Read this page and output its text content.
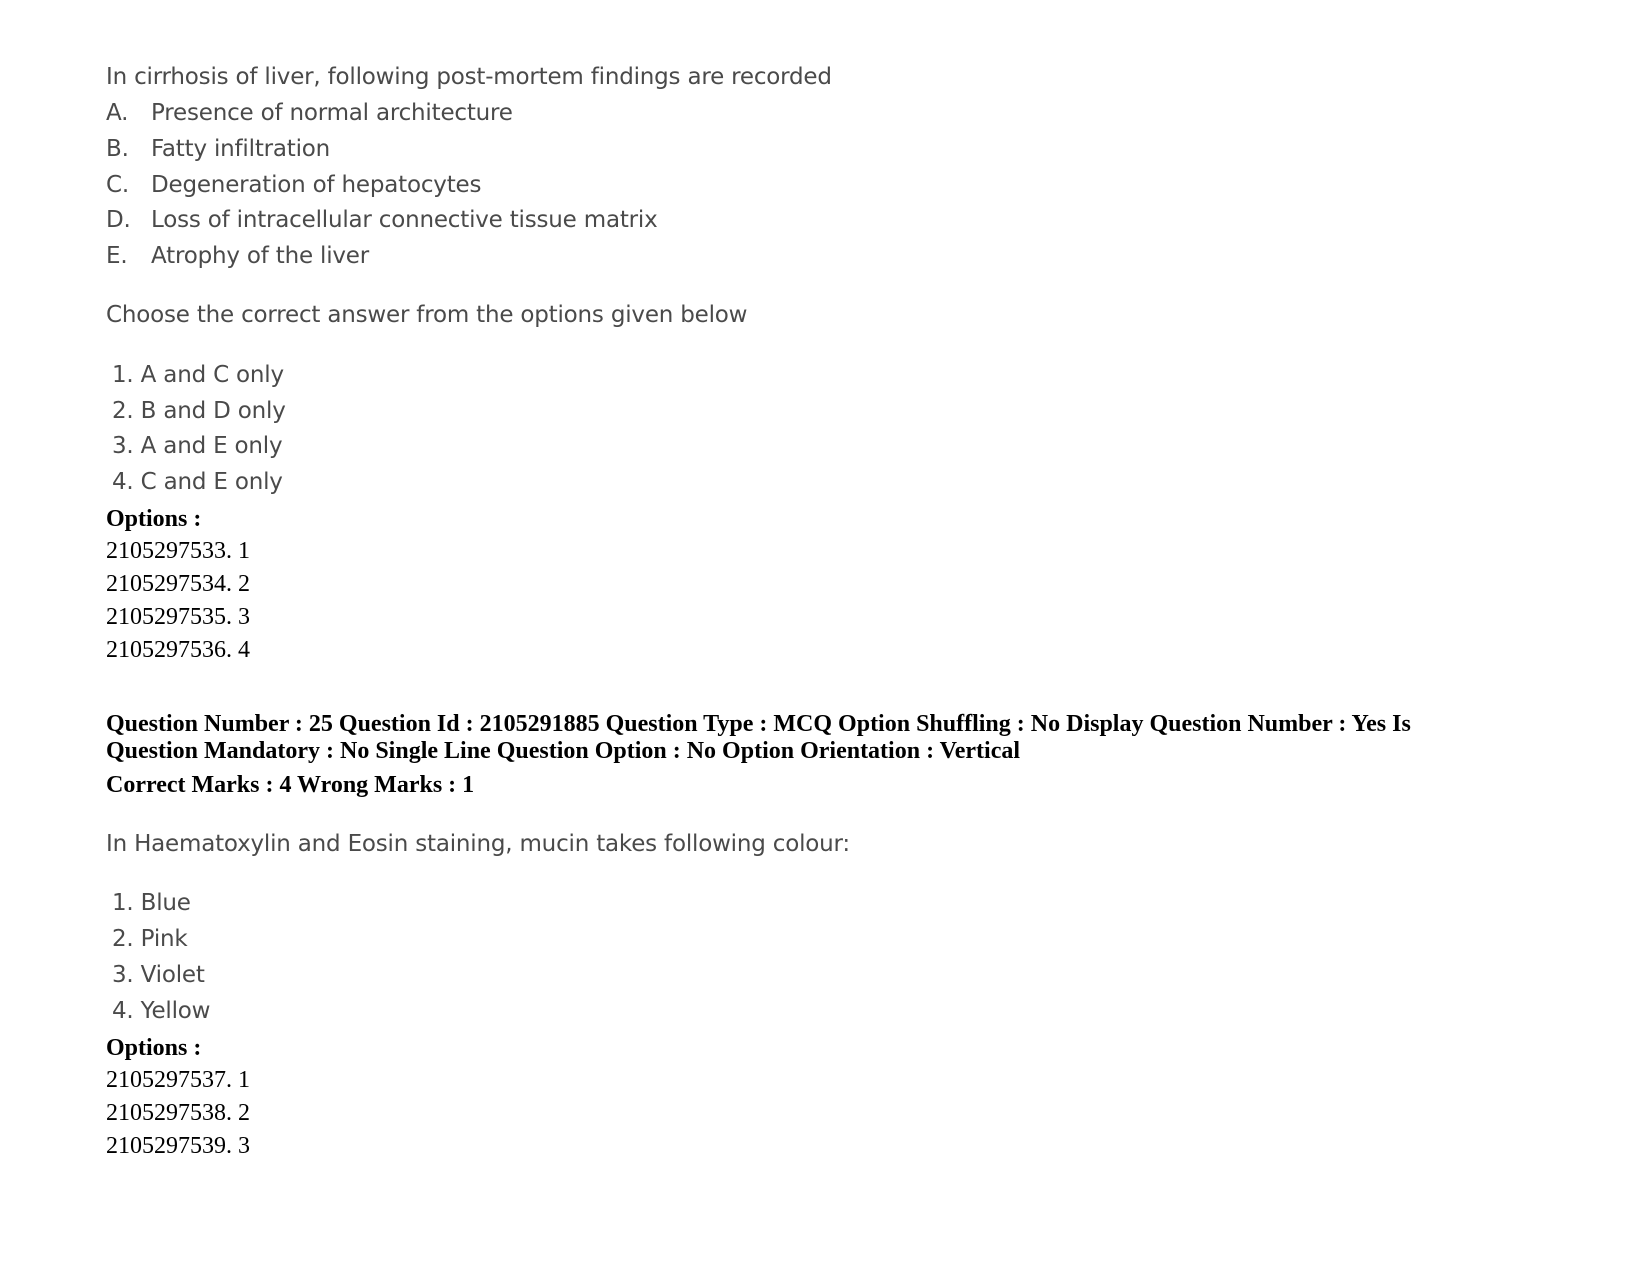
In cirrhosis of liver, following post-mortem findings are recorded
A. Presence of normal architecture
B. Fatty infiltration
C. Degeneration of hepatocytes
D. Loss of intracellular connective tissue matrix
E. Atrophy of the liver
Choose the correct answer from the options given below
1. A and C only
2. B and D only
3. A and E only
4. C and E only
Options :
2105297533. 1
2105297534. 2
2105297535. 3
2105297536. 4
Question Number : 25 Question Id : 2105291885 Question Type : MCQ Option Shuffling : No Display Question Number : Yes Is
Question Mandatory : No Single Line Question Option : No Option Orientation : Vertical
Correct Marks : 4 Wrong Marks : 1
In Haematoxylin and Eosin staining, mucin takes following colour:
1. Blue
2. Pink
3. Violet
4. Yellow
Options :
2105297537. 1
2105297538. 2
2105297539. 3
